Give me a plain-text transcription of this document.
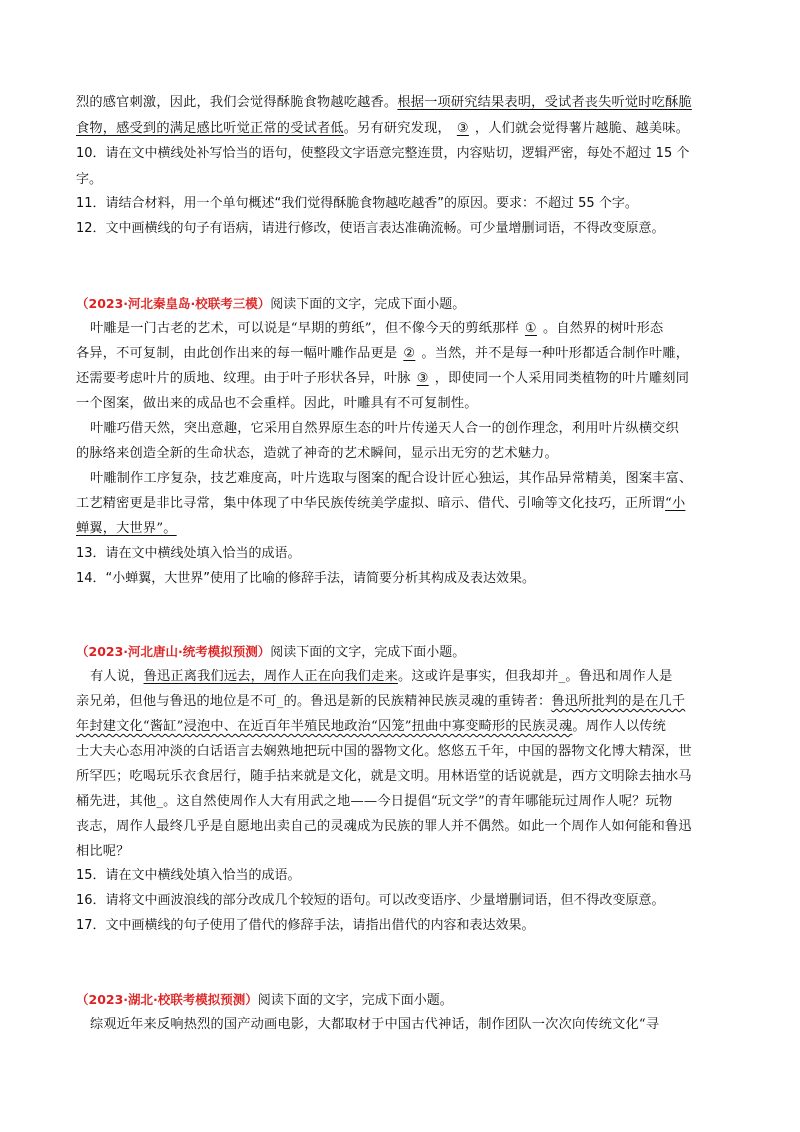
烈的感官刺激，因此，我们会觉得酥脆食物越吃越香。根据一项研究结果表明，受试者丧失听觉时吃酥脆
食物，感受到的满足感比听觉正常的受试者低。另有研究发现， ③ ，人们就会觉得薯片越脆、越美味。
10．请在文中横线处补写恰当的语句，使整段文字语意完整连贯，内容贴切，逻辑严密，每处不超过 15 个
字。
11．请结合材料，用一个单句概述“我们觉得酥脆食物越吃越香”的原因。要求：不超过 55 个字。
12．文中画横线的句子有语病，请进行修改，使语言表达准确流畅。可少量增删词语，不得改变原意。
（2023·河北秦皇岛·校联考三模）阅读下面的文字，完成下面小题。
叶雕是一门古老的艺术，可以说是“早期的剪纸”，但不像今天的剪纸那样 ① 。自然界的树叶形态
各异，不可复制，由此创作出来的每一幅叶雕作品更是 ② 。当然，并不是每一种叶形都适合制作叶雕，
还需要考虑叶片的质地、纹理。由于叶子形状各异，叶脉 ③ ，即使同一个人采用同类植物的叶片雕刻同
一个图案，做出来的成品也不会重样。因此，叶雕具有不可复制性。
叶雕巧借天然，突出意趣，它采用自然界原生态的叶片传递天人合一的创作理念，利用叶片纵横交织
的脉络来创造全新的生命状态，造就了神奇的艺术瞬间，显示出无穷的艺术魅力。
叶雕制作工序复杂，技艺难度高，叶片选取与图案的配合设计匠心独运，其作品异常精美，图案丰富、
工艺精密更是非比寻常，集中体现了中华民族传统美学虚拟、暗示、借代、引喻等文化技巧，正所谓“小
蝉翼，大世界”。
13．请在文中横线处填入恰当的成语。
14．“小蝉翼，大世界”使用了比喻的修辞手法，请简要分析其构成及表达效果。
（2023·河北唐山·统考模拟预测）阅读下面的文字，完成下面小题。
有人说，鲁迅正离我们远去，周作人正在向我们走来。这或许是事实，但我却并_。鲁迅和周作人是
亲兄弟，但他与鲁迅的地位是不可_的。鲁迅是新的民族精神民族灵魂的重铸者：鲁迅所批判的是在几千
年封建文化“酱缸”浸泡中、在近百年半殖民地政治“囚笼”扭曲中寡变畸形的民族灵魂。周作人以传统
士大夫心态用冲淡的白话语言去娴熟地把玩中国的器物文化。悠悠五千年，中国的器物文化博大精深，世
所罕匹；吃喝玩乐衣食居行，随手拈来就是文化，就是文明。用林语堂的话说就是，西方文明除去抽水马
桶先进，其他_。这自然使周作人大有用武之地——今日提倡“玩文学”的青年哪能玩过周作人呢？玩物
丧志，周作人最终几乎是自愿地出卖自己的灵魂成为民族的罪人并不偶然。如此一个周作人如何能和鲁迅
相比呢？
15．请在文中横线处填入恰当的成语。
16．请将文中画波浪线的部分改成几个较短的语句。可以改变语序、少量增删词语，但不得改变原意。
17．文中画横线的句子使用了借代的修辞手法，请指出借代的内容和表达效果。
（2023·湖北·校联考模拟预测）阅读下面的文字，完成下面小题。
综观近年来反响热烈的国产动画电影，大都取材于中国古代神话，制作团队一次次向传统文化“寻
